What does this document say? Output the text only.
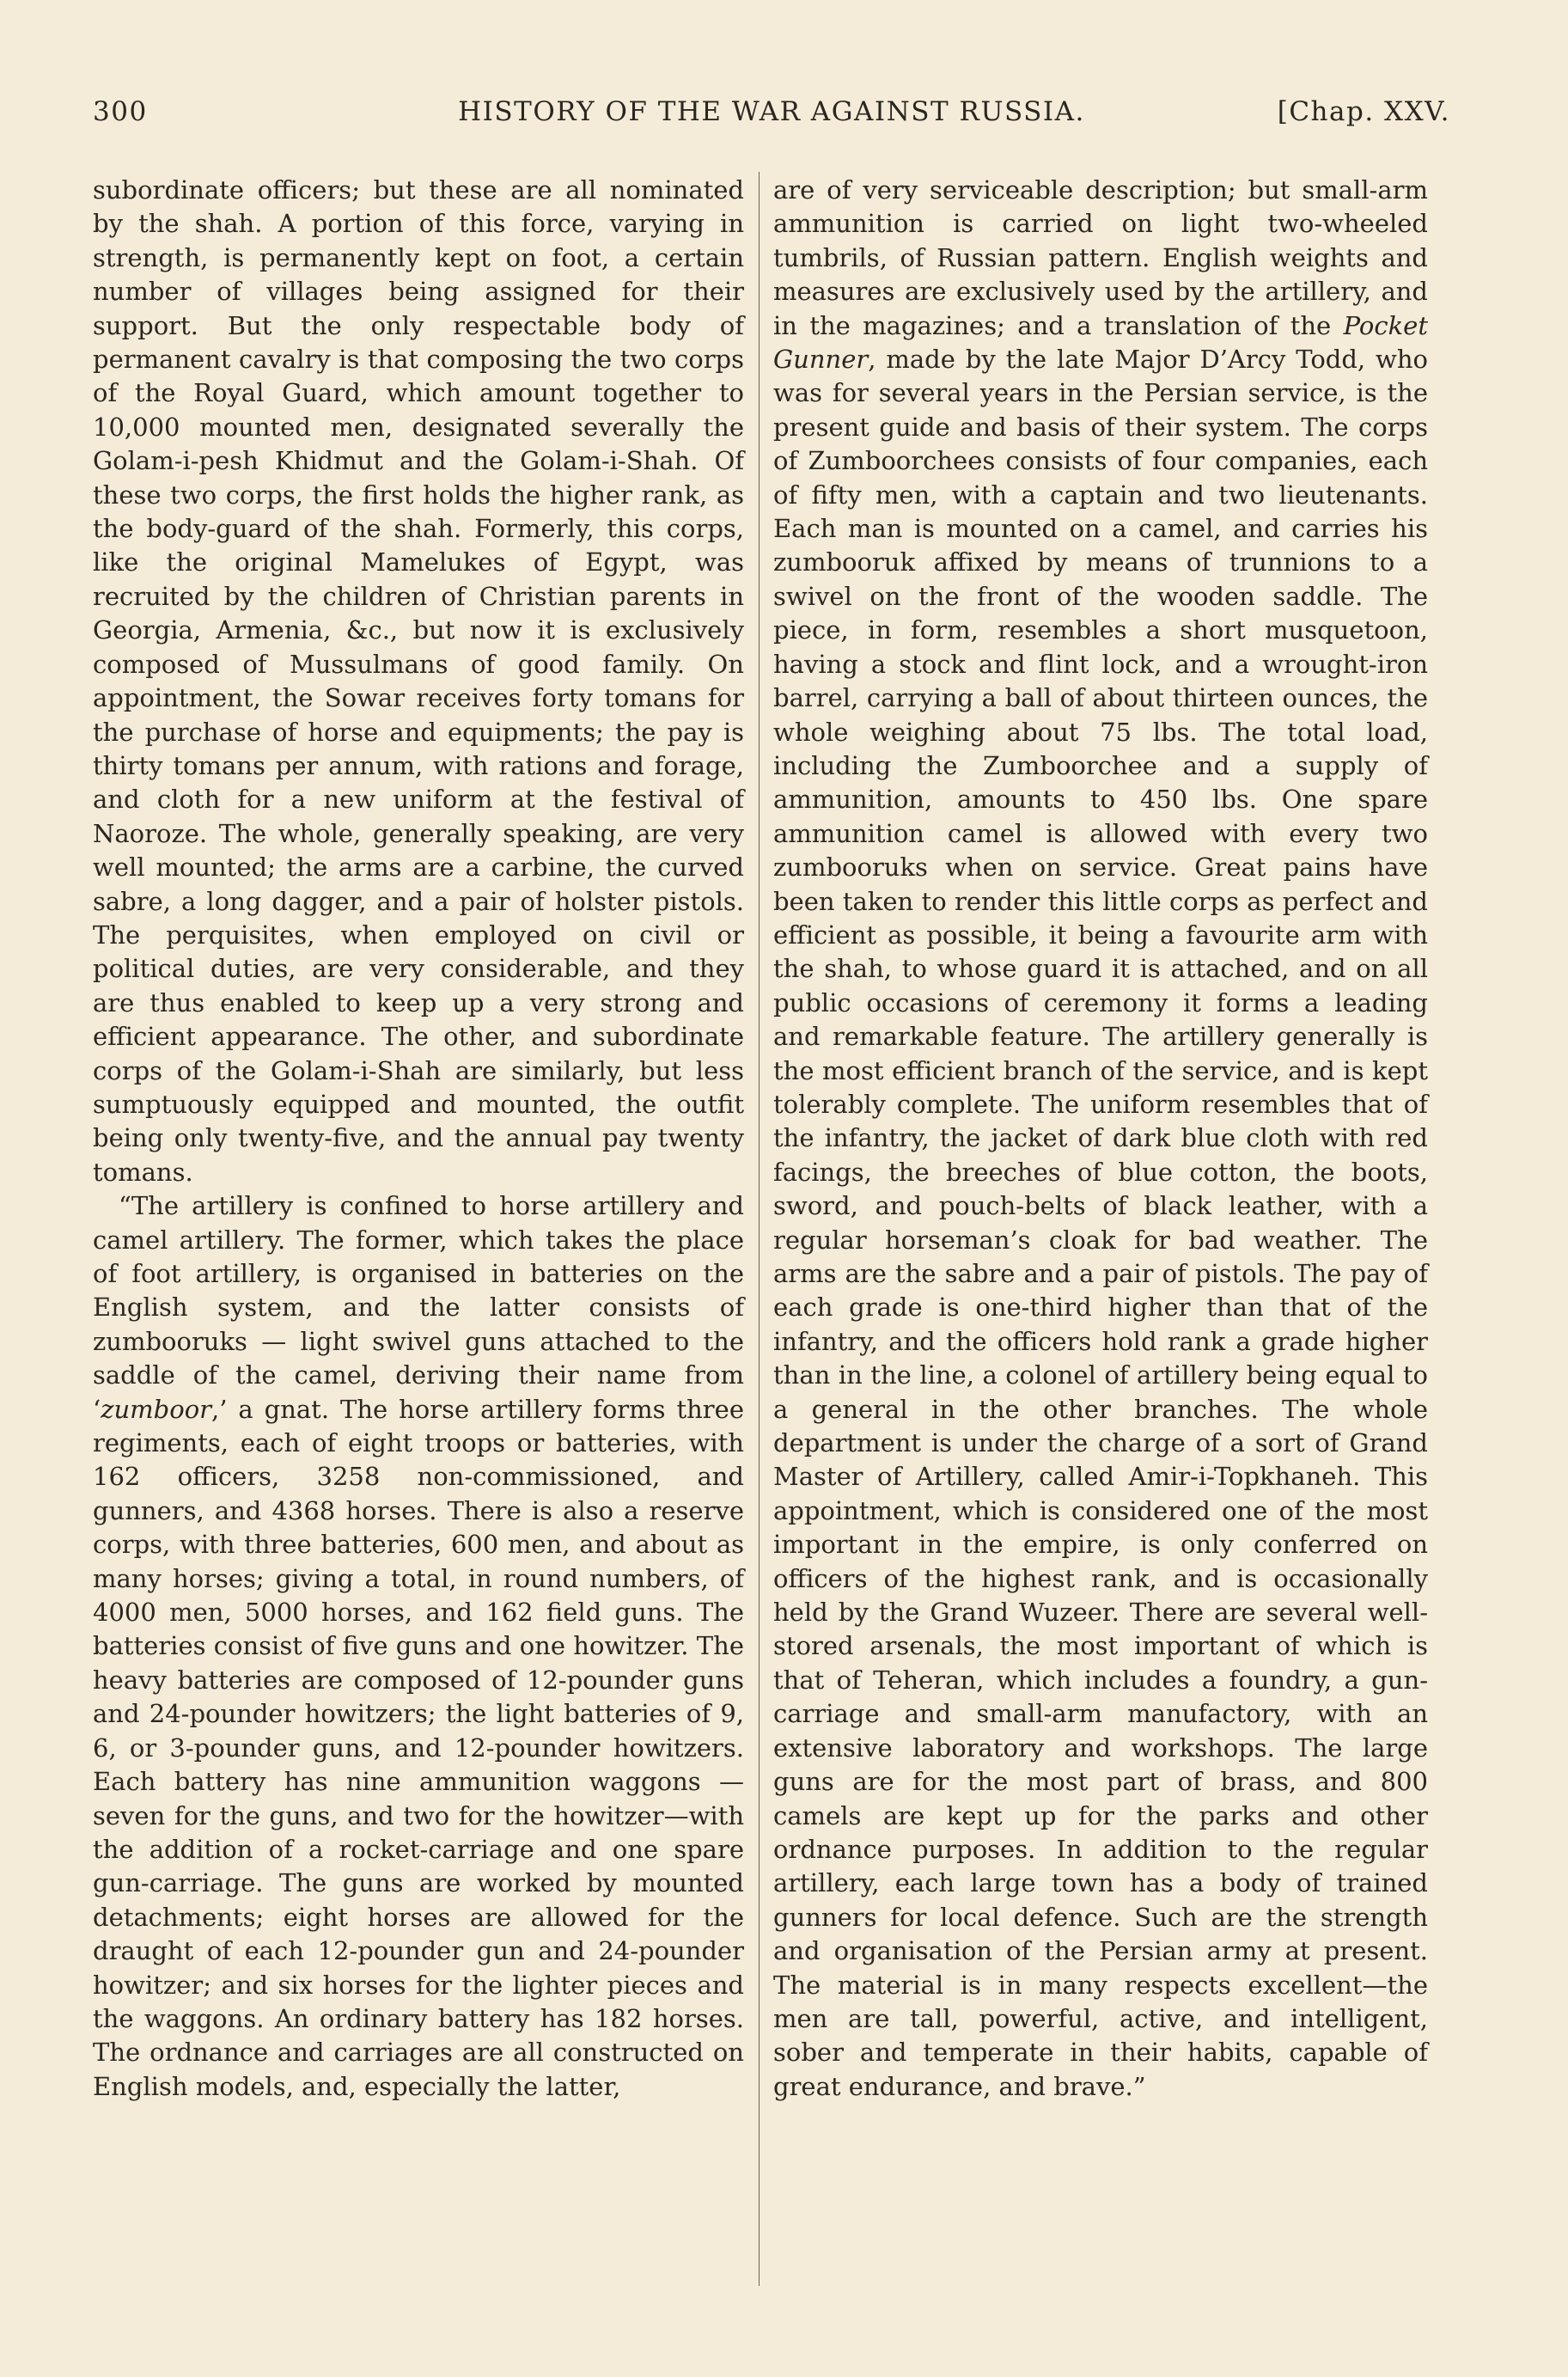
300	HISTORY OF THE WAR AGAINST RUSSIA.	[Chap. XXV.

subordinate officers; but these are all nominated by the shah. A portion of this force, varying in strength, is permanently kept on foot, a certain number of villages being assigned for their support. But the only respectable body of permanent cavalry is that composing the two corps of the Royal Guard, which amount together to 10,000 mounted men, designated severally the Golam-i-pesh Khidmut and the Golam-i-Shah. Of these two corps, the first holds the higher rank, as the body-guard of the shah. Formerly, this corps, like the original Mamelukes of Egypt, was recruited by the children of Christian parents in Georgia, Armenia, &c., but now it is exclusively composed of Mussulmans of good family. On appointment, the Sowar receives forty tomans for the purchase of horse and equipments; the pay is thirty tomans per annum, with rations and forage, and cloth for a new uniform at the festival of Naoroze. The whole, generally speaking, are very well mounted; the arms are a carbine, the curved sabre, a long dagger, and a pair of holster pistols. The perquisites, when employed on civil or political duties, are very considerable, and they are thus enabled to keep up a very strong and efficient appearance. The other, and subordinate corps of the Golam-i-Shah are similarly, but less sumptuously equipped and mounted, the outfit being only twenty-five, and the annual pay twenty tomans.

“The artillery is confined to horse artillery and camel artillery. The former, which takes the place of foot artillery, is organised in batteries on the English system, and the latter consists of zumbooruks — light swivel guns attached to the saddle of the camel, deriving their name from ‘zumboor,’ a gnat. The horse artillery forms three regiments, each of eight troops or batteries, with 162 officers, 3258 non-commissioned, and gunners, and 4368 horses. There is also a reserve corps, with three batteries, 600 men, and about as many horses; giving a total, in round numbers, of 4000 men, 5000 horses, and 162 field guns. The batteries consist of five guns and one howitzer. The heavy batteries are composed of 12-pounder guns and 24-pounder howitzers; the light batteries of 9, 6, or 3-pounder guns, and 12-pounder howitzers. Each battery has nine ammunition waggons —seven for the guns, and two for the howitzer—with the addition of a rocket-carriage and one spare gun-carriage. The guns are worked by mounted detachments; eight horses are allowed for the draught of each 12-pounder gun and 24-pounder howitzer; and six horses for the lighter pieces and the waggons. An ordinary battery has 182 horses. The ordnance and carriages are all constructed on English models, and, especially the latter,

are of very serviceable description; but small-arm ammunition is carried on light two-wheeled tumbrils, of Russian pattern. English weights and measures are exclusively used by the artillery, and in the magazines; and a translation of the Pocket Gunner, made by the late Major D’Arcy Todd, who was for several years in the Persian service, is the present guide and basis of their system. The corps of Zumboorchees consists of four companies, each of fifty men, with a captain and two lieutenants. Each man is mounted on a camel, and carries his zumbooruk affixed by means of trunnions to a swivel on the front of the wooden saddle. The piece, in form, resembles a short musquetoon, having a stock and flint lock, and a wrought-iron barrel, carrying a ball of about thirteen ounces, the whole weighing about 75 lbs. The total load, including the Zumboorchee and a supply of ammunition, amounts to 450 lbs. One spare ammunition camel is allowed with every two zumbooruks when on service. Great pains have been taken to render this little corps as perfect and efficient as possible, it being a favourite arm with the shah, to whose guard it is attached, and on all public occasions of ceremony it forms a leading and remarkable feature. The artillery generally is the most efficient branch of the service, and is kept tolerably complete. The uniform resembles that of the infantry, the jacket of dark blue cloth with red facings, the breeches of blue cotton, the boots, sword, and pouch-belts of black leather, with a regular horseman’s cloak for bad weather. The arms are the sabre and a pair of pistols. The pay of each grade is one-third higher than that of the infantry, and the officers hold rank a grade higher than in the line, a colonel of artillery being equal to a general in the other branches. The whole department is under the charge of a sort of Grand Master of Artillery, called Amir-i-Topkhaneh. This appointment, which is considered one of the most important in the empire, is only conferred on officers of the highest rank, and is occasionally held by the Grand Wuzeer. There are several well-stored arsenals, the most important of which is that of Teheran, which includes a foundry, a gun-carriage and small-arm manufactory, with an extensive laboratory and workshops. The large guns are for the most part of brass, and 800 camels are kept up for the parks and other ordnance purposes. In addition to the regular artillery, each large town has a body of trained gunners for local defence. Such are the strength and organisation of the Persian army at present. The material is in many respects excellent—the men are tall, powerful, active, and intelligent, sober and temperate in their habits, capable of great endurance, and brave.”
